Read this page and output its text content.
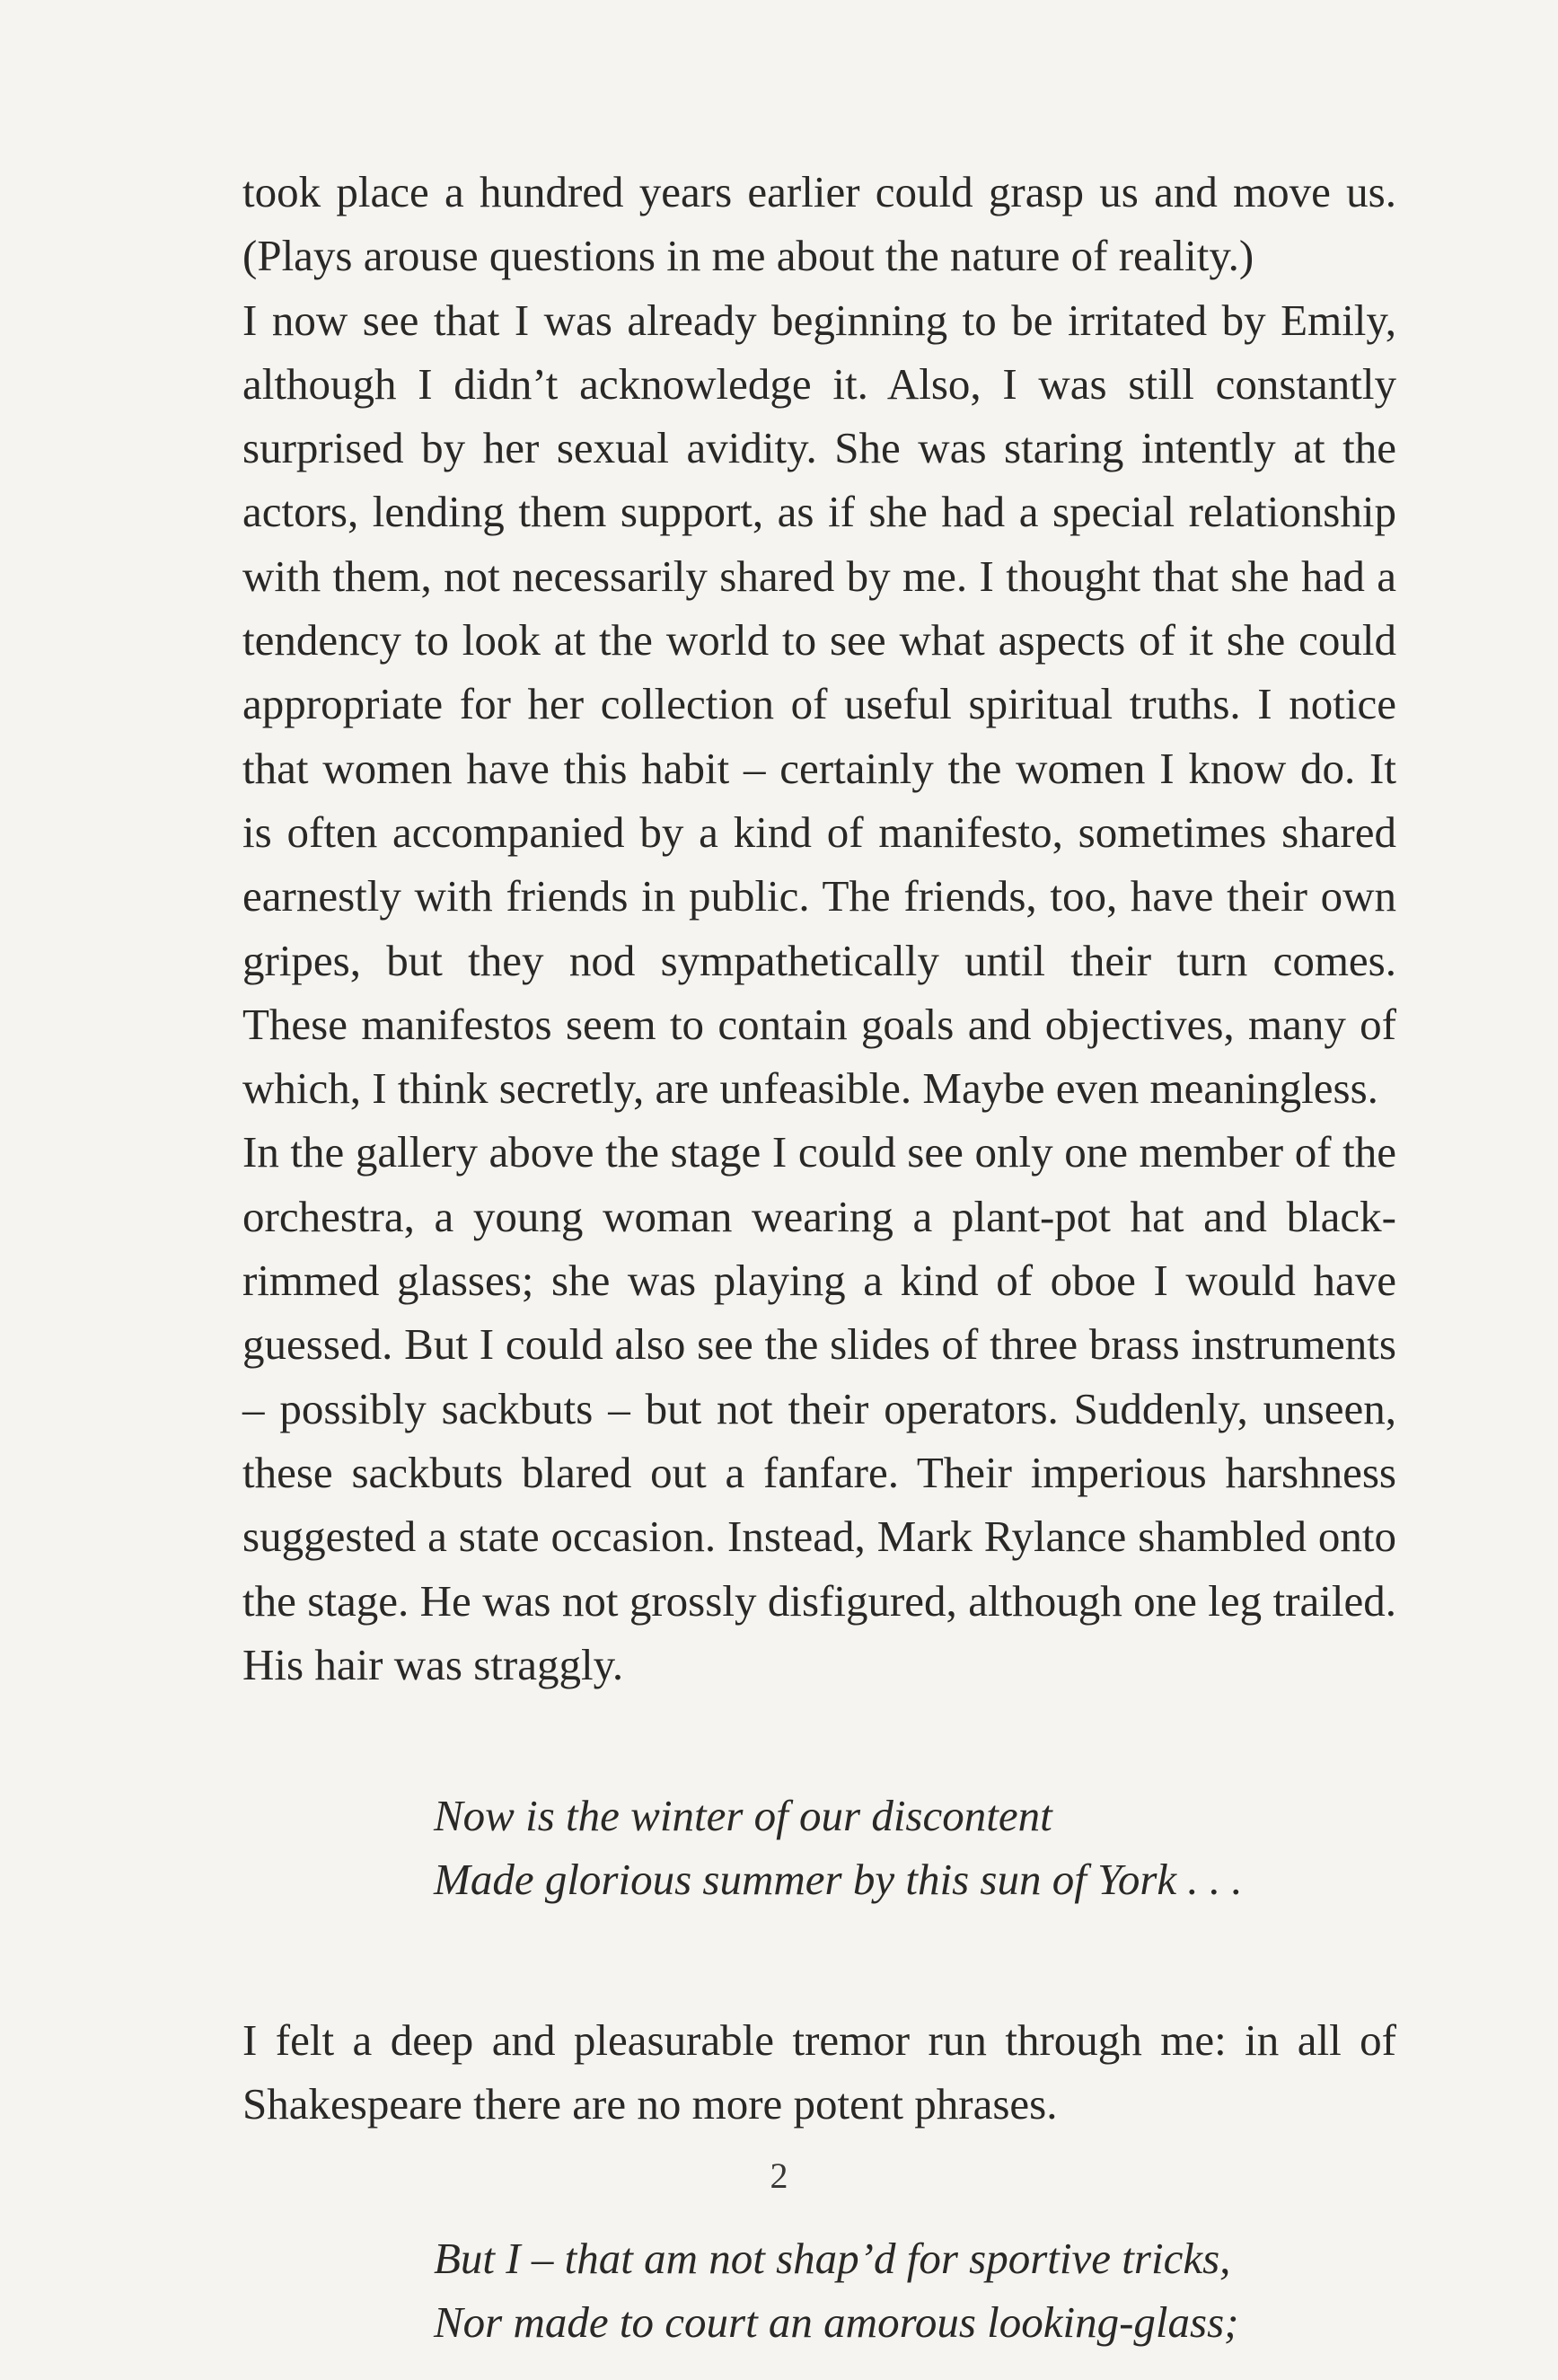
took place a hundred years earlier could grasp us and move us. (Plays arouse questions in me about the nature of reality.)

I now see that I was already beginning to be irritated by Emily, although I didn’t acknowledge it. Also, I was still constantly surprised by her sexual avidity. She was staring intently at the actors, lending them support, as if she had a special relationship with them, not necessarily shared by me. I thought that she had a tendency to look at the world to see what aspects of it she could appropriate for her collection of useful spiritual truths. I notice that women have this habit – certainly the women I know do. It is often accompanied by a kind of manifesto, sometimes shared earnestly with friends in public. The friends, too, have their own gripes, but they nod sympathetically until their turn comes. These manifestos seem to contain goals and objectives, many of which, I think secretly, are unfeasible. Maybe even meaningless.

In the gallery above the stage I could see only one member of the orchestra, a young woman wearing a plant-pot hat and black-rimmed glasses; she was playing a kind of oboe I would have guessed. But I could also see the slides of three brass instruments – possibly sackbuts – but not their operators. Suddenly, unseen, these sackbuts blared out a fanfare. Their imperious harshness suggested a state occasion. Instead, Mark Rylance shambled onto the stage. He was not grossly disfigured, although one leg trailed. His hair was straggly.

Now is the winter of our discontent
Made glorious summer by this sun of York . . .

I felt a deep and pleasurable tremor run through me: in all of Shakespeare there are no more potent phrases.

But I – that am not shap’d for sportive tricks,
Nor made to court an amorous looking-glass;
2
